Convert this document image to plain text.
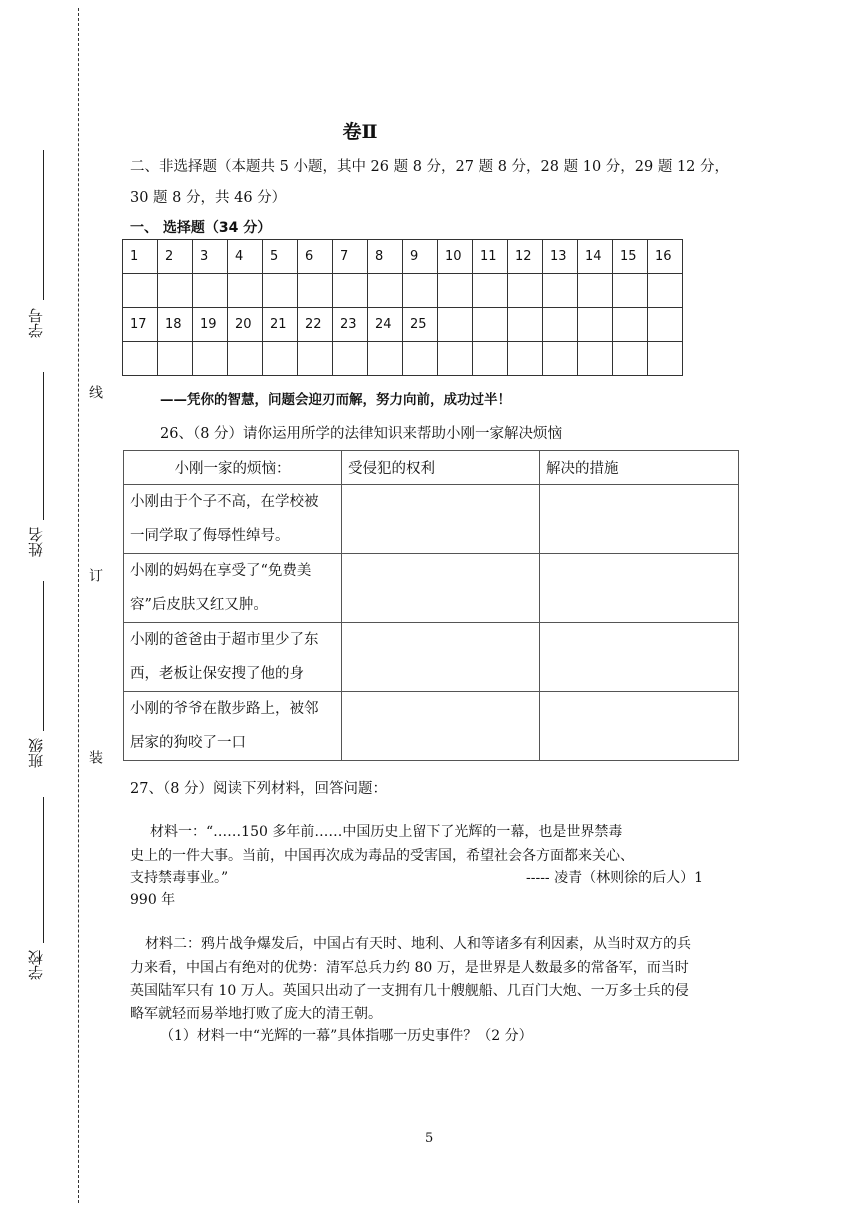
学号
姓名
班级
学校
线
订
装
卷Ⅱ
二、非选择题（本题共 5 小题，其中 26 题 8 分，27 题 8 分，28 题 10 分，29 题 12 分，
30 题 8 分，共 46 分）
一、 选择题（34 分）
1	2	3	4	5	6	7	8	9	10	11	12	13	14	15	16

17	18	19	20	21	22	23	24	25							

——凭你的智慧，问题会迎刃而解，努力向前，成功过半！
26、（8 分）请你运用所学的法律知识来帮助小刚一家解决烦恼
小刚一家的烦恼：	受侵犯的权利	解决的措施

小刚由于个子不高，在学校被
一同学取了侮辱性绰号。		

小刚的妈妈在享受了“免费美
容”后皮肤又红又肿。		

小刚的爸爸由于超市里少了东
西，老板让保安搜了他的身		

小刚的爷爷在散步路上，被邻
居家的狗咬了一口		

27、（8 分）阅读下列材料，回答问题：
材料一：“……150 多年前……中国历史上留下了光辉的一幕，也是世界禁毒
史上的一件大事。当前，中国再次成为毒品的受害国，希望社会各方面都来关心、
支持禁毒事业。”	----- 凌青（林则徐的后人）1
990 年
材料二：鸦片战争爆发后，中国占有天时、地利、人和等诸多有利因素，从当时双方的兵
力来看，中国占有绝对的优势：清军总兵力约 80 万，是世界是人数最多的常备军，而当时
英国陆军只有 10 万人。英国只出动了一支拥有几十艘舰船、几百门大炮、一万多士兵的侵
略军就轻而易举地打败了庞大的清王朝。
（1）材料一中“光辉的一幕”具体指哪一历史事件？（2 分）
5
